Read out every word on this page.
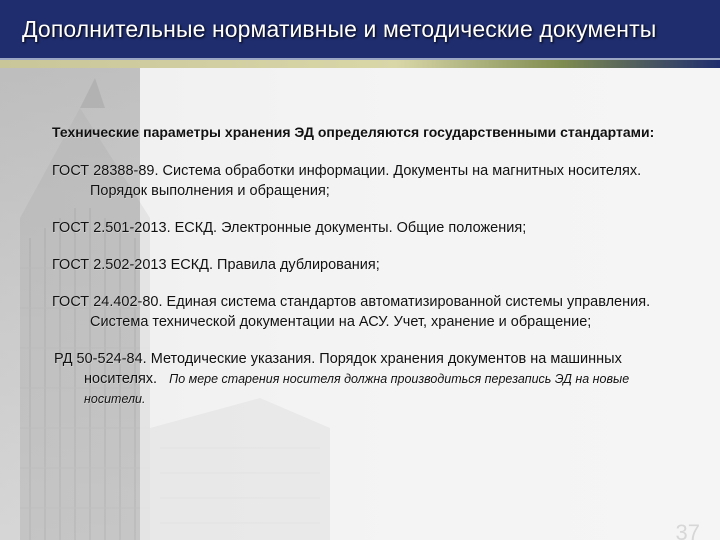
Дополнительные нормативные и методические документы

Технические параметры хранения ЭД определяются государственными стандартами:

ГОСТ 28388-89. Система обработки информации. Документы на магнитных носителях. Порядок выполнения и обращения;

ГОСТ 2.501-2013. ЕСКД. Электронные документы. Общие положения;

ГОСТ 2.502-2013 ЕСКД. Правила дублирования;

ГОСТ 24.402-80. Единая система стандартов автоматизированной системы управления. Система технической документации на АСУ. Учет, хранение и обращение;

РД 50-524-84. Методические указания. Порядок хранения документов на машинных носителях. По мере старения носителя должна производиться перезапись ЭД на новые носители.

37
